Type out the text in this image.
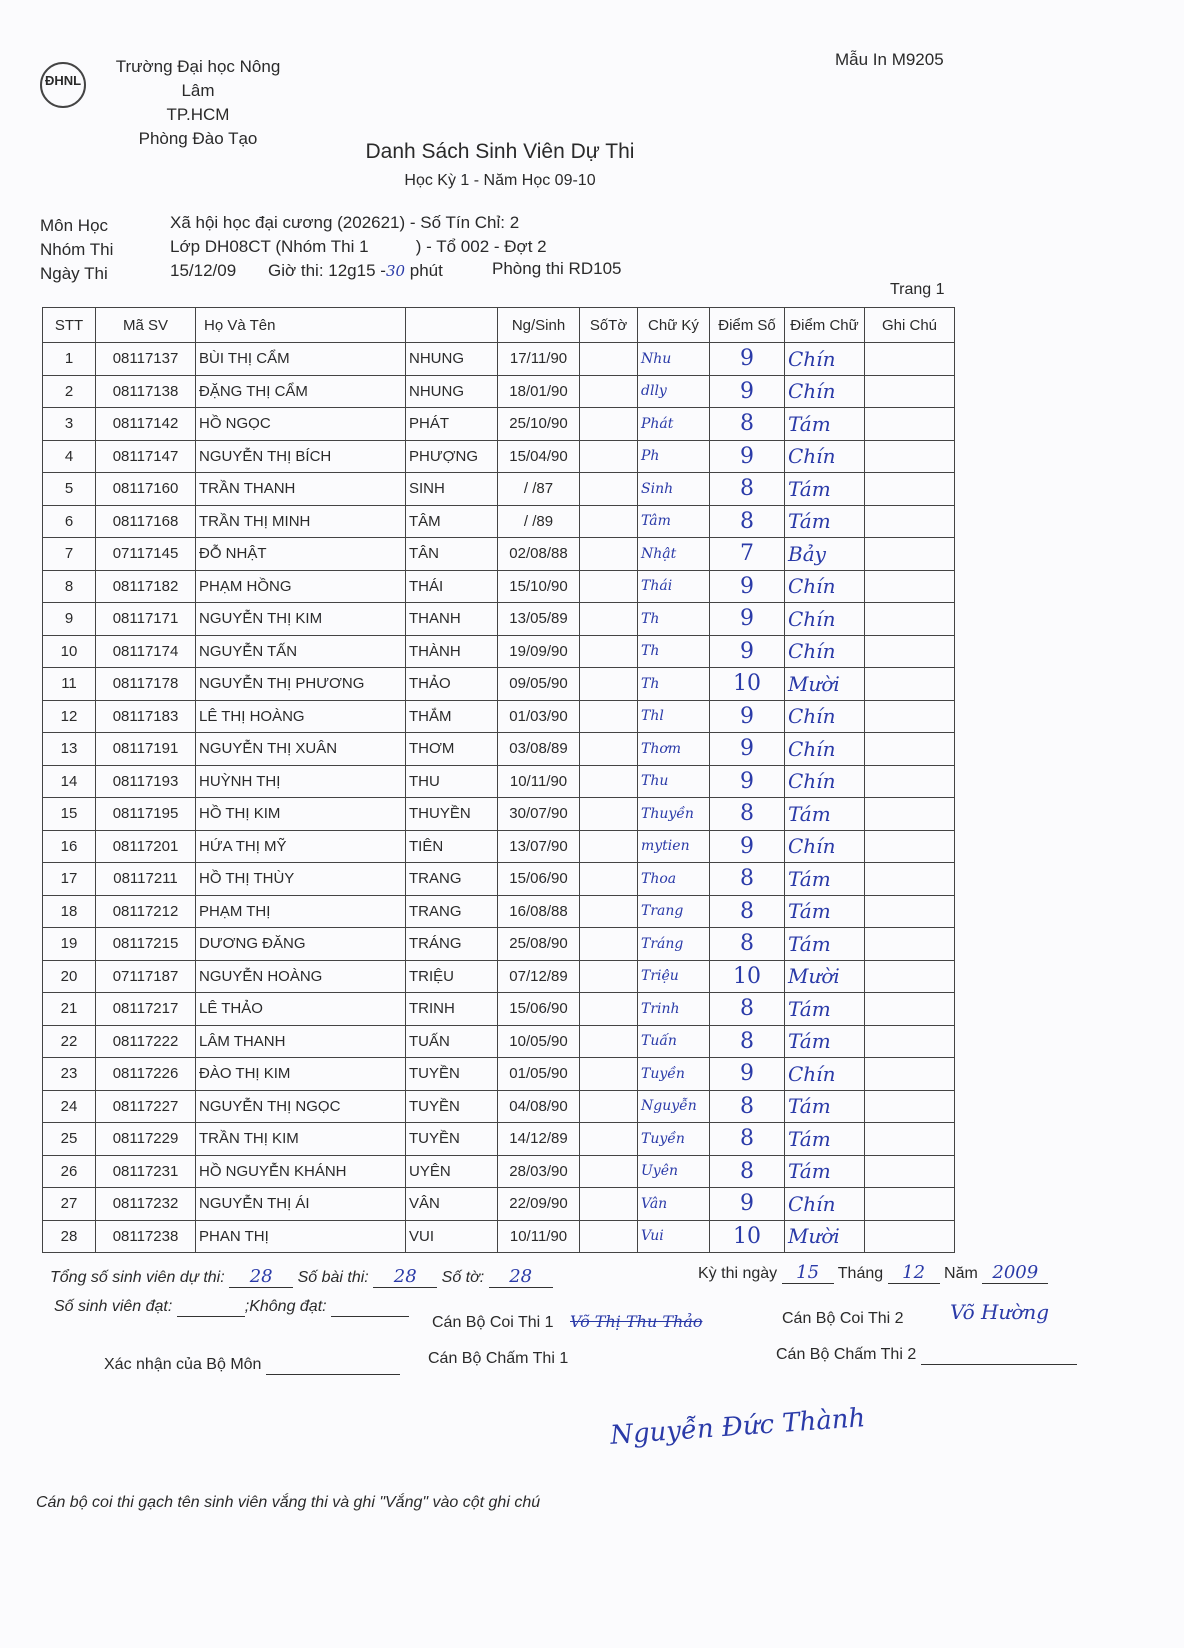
ĐHNL
Trường Đại học Nông Lâm
TP.HCM
Phòng Đào Tạo
Mẫu In M9205
Danh Sách Sinh Viên Dự Thi
Học Kỳ 1 - Năm Học 09-10
Môn Học	Xã hội học đại cương (202621) - Số Tín Chỉ: 2
Nhóm Thi	Lớp DH08CT (Nhóm Thi 1          ) - Tổ 002 - Đợt 2
Ngày Thi	15/12/09 Giờ thi: 12g15 -30 phút	Phòng thi RD105
Trang 1
STT	Mã SV	Họ Và Tên		Ng/Sinh	SốTờ	Chữ Ký	Điểm Số	Điểm Chữ	Ghi Chú
1	08117137	BÙI THỊ CẨM	NHUNG	17/11/90		Nhu	9	Chín	
2	08117138	ĐẶNG THỊ CẨM	NHUNG	18/01/90		dlly	9	Chín	
3	08117142	HỒ NGỌC	PHÁT	25/10/90		Phát	8	Tám	
4	08117147	NGUYỄN THỊ BÍCH	PHƯỢNG	15/04/90		Ph	9	Chín	
5	08117160	TRẦN THANH	SINH	/ /87		Sinh	8	Tám	
6	08117168	TRẦN THỊ MINH	TÂM	/ /89		Tâm	8	Tám	
7	07117145	ĐỖ NHẬT	TÂN	02/08/88		Nhật	7	Bảy	
8	08117182	PHẠM HỒNG	THÁI	15/10/90		Thái	9	Chín	
9	08117171	NGUYỄN THỊ KIM	THANH	13/05/89		Th	9	Chín	
10	08117174	NGUYỄN TẤN	THÀNH	19/09/90		Th	9	Chín	
11	08117178	NGUYỄN THỊ PHƯƠNG	THẢO	09/05/90		Th	10	Mười	
12	08117183	LÊ THỊ HOÀNG	THẮM	01/03/90		Thl	9	Chín	
13	08117191	NGUYỄN THỊ XUÂN	THƠM	03/08/89		Thơm	9	Chín	
14	08117193	HUỲNH THỊ	THU	10/11/90		Thu	9	Chín	
15	08117195	HỒ THỊ KIM	THUYỀN	30/07/90		Thuyền	8	Tám	
16	08117201	HỨA THỊ MỸ	TIÊN	13/07/90		mytien	9	Chín	
17	08117211	HỒ THỊ THÙY	TRANG	15/06/90		Thoa	8	Tám	
18	08117212	PHẠM THỊ	TRANG	16/08/88		Trang	8	Tám	
19	08117215	DƯƠNG ĐĂNG	TRÁNG	25/08/90		Tráng	8	Tám	
20	07117187	NGUYỄN HOÀNG	TRIỆU	07/12/89		Triệu	10	Mười	
21	08117217	LÊ THẢO	TRINH	15/06/90		Trinh	8	Tám	
22	08117222	LÂM THANH	TUẤN	10/05/90		Tuấn	8	Tám	
23	08117226	ĐÀO THỊ KIM	TUYỀN	01/05/90		Tuyền	9	Chín	
24	08117227	NGUYỄN THỊ NGỌC	TUYỀN	04/08/90		Nguyễn	8	Tám	
25	08117229	TRẦN THỊ KIM	TUYỀN	14/12/89		Tuyền	8	Tám	
26	08117231	HỒ NGUYỄN KHÁNH	UYÊN	28/03/90		Uyên	8	Tám	
27	08117232	NGUYỄN THỊ ÁI	VÂN	22/09/90		Vân	9	Chín	
28	08117238	PHAN THỊ	VUI	10/11/90		Vui	10	Mười	
Tổng số sinh viên dự thi: 28 Số bài thi: 28 Số tờ: 28	Kỳ thi ngày 15 Tháng 12 Năm 2009
Số sinh viên đạt:	;Không đạt:
Cán Bộ Coi Thi 1 Võ Thị Thu Thảo	Cán Bộ Coi Thi 2 Võ Hường
Xác nhận của Bộ Môn	Cán Bộ Chấm Thi 1	Cán Bộ Chấm Thi 2
Nguyễn Đức Thành
Cán bộ coi thi gạch tên sinh viên vắng thi và ghi "Vắng" vào cột ghi chú
